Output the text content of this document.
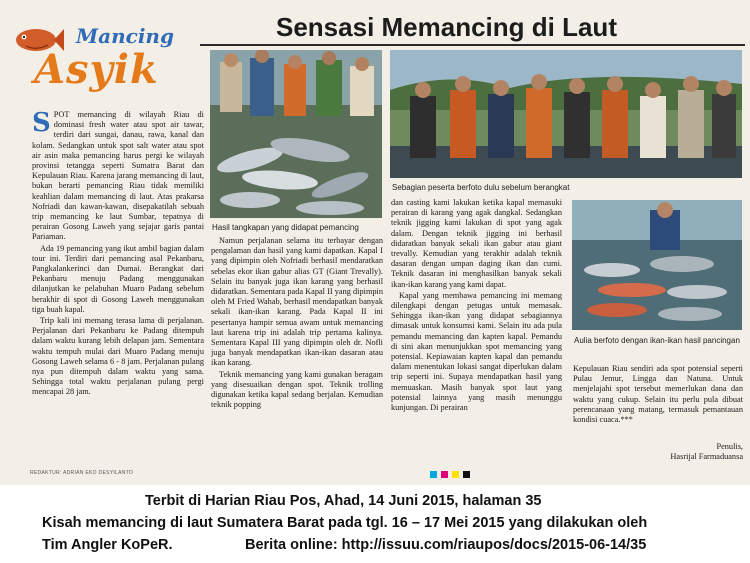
Mancing
Asyik
Sensasi Memancing di Laut

SPOT memancing di wilayah Riau di dominasi fresh water atau spot air tawar, terdiri dari sungai, danau, rawa, kanal dan kolam. Sedangkan untuk spot salt water atau spot air asin maka pemancing harus pergi ke wilayah provinsi tetangga seperti Sumatra Barat dan Kepulauan Riau. Karena jarang memancing di laut, bukan berarti pemancing Riau tidak memiliki keahlian dalam memancing di laut. Atas prakarsa Nofriadi dan kawan-kawan, disepakatilah sebuah trip memancing ke laut Sumbar, tepatnya di perairan Gosong Laweh yang sejajar garis pantai Pariaman.

Ada 19 pemancing yang ikut ambil bagian dalam tour ini. Terdiri dari pemancing asal Pekanbaru, Pangkalankerinci dan Dumai. Berangkat dari Pekanbaru menuju Padang menggunakan dilanjutkan ke pelabuhan Muaro Padang sebelum berakhir di spot di Gosong Laweh menggunakan tiga buah kapal.

Trip kali ini memang terasa lama di perjalanan. Perjalanan dari Pekanbaru ke Padang ditempuh dalam waktu kurang lebih delapan jam. Sementara waktu tempuh mulai dari Muaro Padang menuju Gosong Laweh selama 6 - 8 jam. Perjalanan pulang nya pun ditempuh dalam waktu yang sama. Sehingga total waktu perjalanan pulang pergi mencapai 28 jam.

Hasil tangkapan yang didapat pemancing

Namun perjalanan selama itu terbayar dengan pengalaman dan hasil yang kami dapatkan. Kapal I yang dipimpin oleh Nofriadi berhasil mendaratkan sebelas ekor ikan gabur alias GT (Giant Trevally). Selain itu banyak juga ikan karang yang berhasil didaratkan. Sementara pada Kapal II yang dipimpin oleh M Fried Wahab, berhasil mendapatkan banyak sekali ikan-ikan karang. Pada Kapal II ini pesertanya hampir semua awam untuk memancing laut karena trip ini adalah trip pertama kalinya. Sementara Kapal III yang dipimpin oleh dr. Nofli juga banyak mendapatkan ikan-ikan dasaran atau ikan karang.

Teknik memancing yang kami gunakan beragam yang disesuaikan dengan spot. Teknik trolling digunakan ketika kapal sedang berjalan. Kemudian teknik popping

Sebagian peserta berfoto dulu sebelum berangkat

dan casting kami lakukan ketika kapal memasuki perairan di karang yang agak dangkal. Sedangkan teknik jigging kami lakukan di spot yang agak dalam. Dengan teknik jigging ini berhasil didaratkan banyak sekali ikan gabur atau giant trevally. Kemudian yang terakhir adalah teknik dasaran dengan umpan daging ikan dan cumi. Teknik dasaran ini menghasilkan banyak sekali ikan-ikan karang yang kami dapat.

Kapal yang membawa pemancing ini memang dilengkapi dengan petugas untuk memasak. Sehingga ikan-ikan yang didapat sebagiannya dimasak untuk konsumsi kami. Selain itu ada pula pemandu memancing dan kapten kapal. Pemandu di sini akan menunjukkan spot memancing yang potensial. Kepiawaian kapten kapal dan pemandu dalam menentukan lokasi sangat diperlukan dalam trip seperti ini. Supaya mendapatkan hasil yang memuaskan. Masih banyak spot laut yang potensial lainnya yang masih menunggu kunjungan. Di perairan

Aulia berfoto dengan ikan-ikan hasil pancingan

Kepulauan Riau sendiri ada spot potensial seperti Pulau Jemur, Lingga dan Natuna. Untuk menjelajahi spot tersebut memerlukan dana dan waktu yang cukup. Selain itu perlu pula dibuat perencanaan yang matang, termasuk pemantauan kondisi cuaca.***

Penulis,
Hasrijal Farmaduansa
REDAKTUR: ADRIAN EKO DESYILANTO
Terbit di Harian Riau Pos, Ahad, 14 Juni 2015, halaman 35
Kisah memancing di laut Sumatera Barat pada tgl. 16 – 17 Mei 2015 yang dilakukan oleh
Tim Angler KoPeR.	Berita online: http://issuu.com/riaupos/docs/2015-06-14/35
